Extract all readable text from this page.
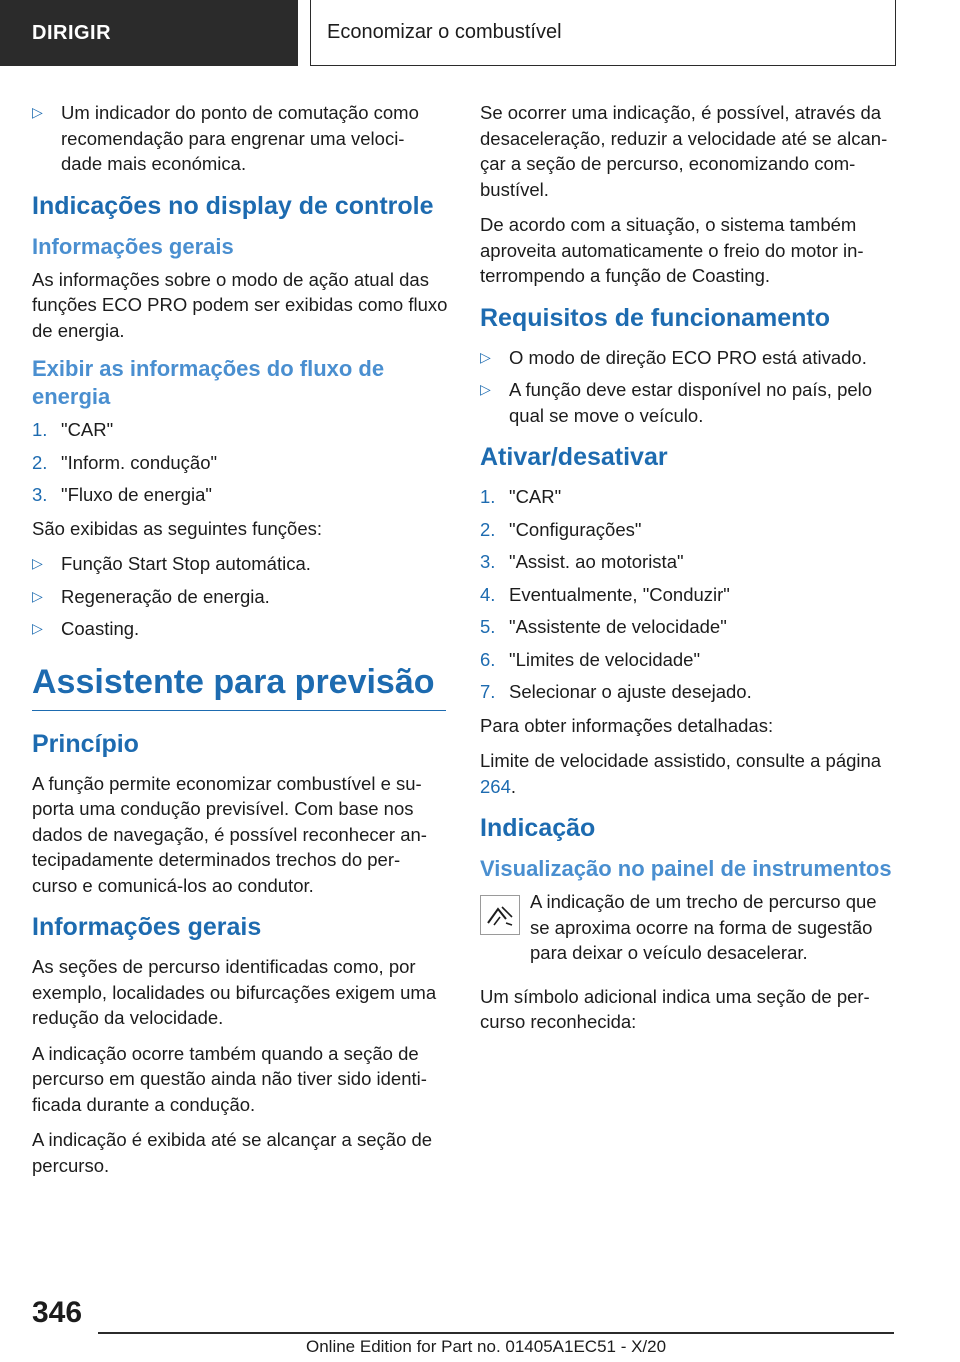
DIRIGIR	Economizar o combustível
▷ Um indicador do ponto de comutação como recomendação para engrenar uma veloci- dade mais económica.
Indicações no display de controle
Informações gerais

As informações sobre o modo de ação atual das funções ECO PRO podem ser exibidas como fluxo de energia.

Exibir as informações do fluxo de energia
1. "CAR"
2. "Inform. condução"
3. "Fluxo de energia"

São exibidas as seguintes funções:

▷ Função Start Stop automática.
▷ Regeneração de energia.
▷ Coasting.
Assistente para previsão
Princípio

A função permite economizar combustível e su- porta uma condução previsível. Com base nos dados de navegação, é possível reconhecer an- tecipadamente determinados trechos do per- curso e comunicá-los ao condutor.

Informações gerais

As seções de percurso identificadas como, por exemplo, localidades ou bifurcações exigem uma redução da velocidade.

A indicação ocorre também quando a seção de percurso em questão ainda não tiver sido identi- ficada durante a condução.

A indicação é exibida até se alcançar a seção de percurso.

Se ocorrer uma indicação, é possível, através da desaceleração, reduzir a velocidade até se alcan- çar a seção de percurso, economizando com- bustível.

De acordo com a situação, o sistema também aproveita automaticamente o freio do motor in- terrompendo a função de Coasting.

Requisitos de funcionamento
▷ O modo de direção ECO PRO está ativado.
▷ A função deve estar disponível no país, pelo qual se move o veículo.
Ativar/desativar
1. "CAR"
2. "Configurações"
3. "Assist. ao motorista"
4. Eventualmente, "Conduzir"
5. "Assistente de velocidade"
6. "Limites de velocidade"
7. Selecionar o ajuste desejado.

Para obter informações detalhadas:

Limite de velocidade assistido, consulte a página 264.

Indicação
Visualização no painel de instrumentos

A indicação de um trecho de percurso que se aproxima ocorre na forma de sugestão para deixar o veículo desacelerar.

Um símbolo adicional indica uma seção de per- curso reconhecida:

346
Online Edition for Part no. 01405A1EC51 - X/20
